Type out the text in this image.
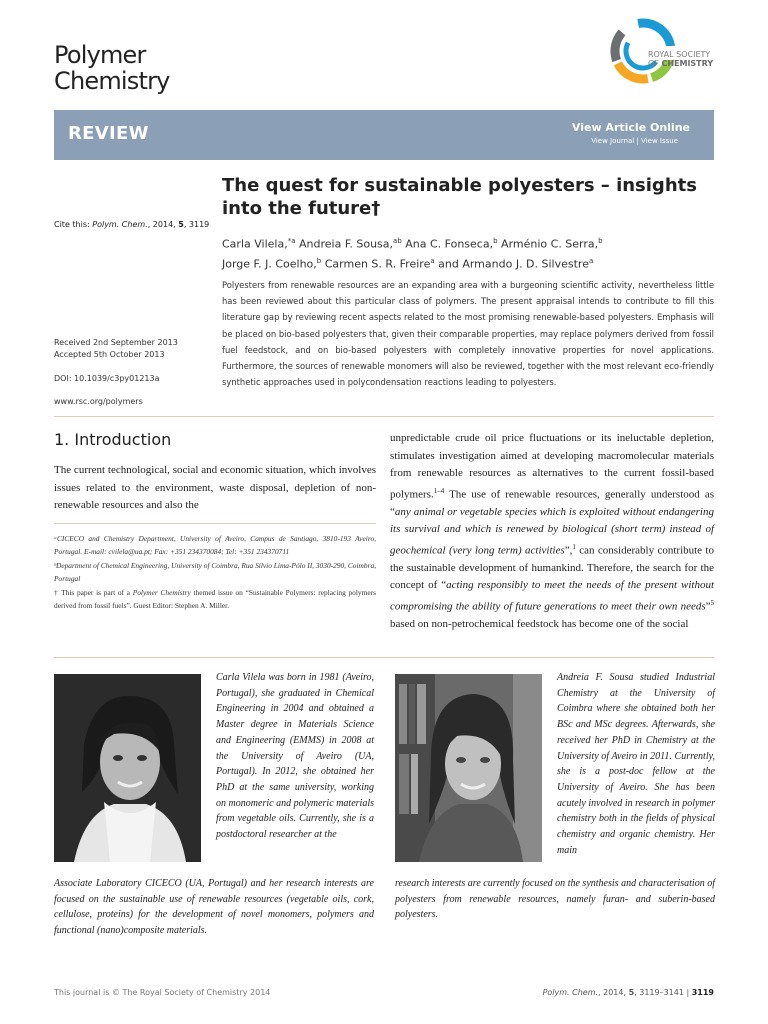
Polymer
Chemistry
ROYAL SOCIETY
OF CHEMISTRY
REVIEW	View Article Online
View Journal | View Issue
The quest for sustainable polyesters – insights into the future†
Carla Vilela,$^{*a}$ Andreia F. Sousa,$^{ab}$ Ana C. Fonseca,$^b$ Arménio C. Serra,$^b$
Jorge F. J. Coelho,$^b$ Carmen S. R. Freire$^a$ and Armando J. D. Silvestre$^a$
Cite this: Polym. Chem., 2014, 5, 3119
Received 2nd September 2013
Accepted 5th October 2013
DOI: 10.1039/c3py01213a
www.rsc.org/polymers
Polyesters from renewable resources are an expanding area with a burgeoning scientific activity, nevertheless little has been reviewed about this particular class of polymers. The present appraisal intends to contribute to fill this literature gap by reviewing recent aspects related to the most promising renewable-based polyesters. Emphasis will be placed on bio-based polyesters that, given their comparable properties, may replace polymers derived from fossil fuel feedstock, and on bio-based polyesters with completely innovative properties for novel applications. Furthermore, the sources of renewable monomers will also be reviewed, together with the most relevant eco-friendly synthetic approaches used in polycondensation reactions leading to polyesters.
1. Introduction
The current technological, social and economic situation, which involves issues related to the environment, waste disposal, depletion of non-renewable resources and also the
unpredictable crude oil price fluctuations or its ineluctable depletion, stimulates investigation aimed at developing macromolecular materials from renewable resources as alternatives to the current fossil-based polymers.$^{1-4}$ The use of renewable resources, generally understood as “any animal or vegetable species which is exploited without endangering its survival and which is renewed by biological (short term) instead of geochemical (very long term) activities”,$^1$ can considerably contribute to the sustainable development of humankind. Therefore, the search for the concept of “acting responsibly to meet the needs of the present without compromising the ability of future generations to meet their own needs”$^5$ based on non-petrochemical feedstock has become one of the social
ᵃCICECO and Chemistry Department, University of Aveiro, Campus de Santiago, 3810-193 Aveiro, Portugal. E-mail: cvilela@ua.pt; Fax: +351 234370084; Tel: +351 234370711
ᵇDepartment of Chemical Engineering, University of Coimbra, Rua Sílvio Lima-Pólo II, 3030-290, Coimbra, Portugal
† This paper is part of a Polymer Chemistry themed issue on “Sustainable Polymers: replacing polymers derived from fossil fuels”. Guest Editor: Stephen A. Miller.
Carla Vilela was born in 1981 (Aveiro, Portugal), she graduated in Chemical Engineering in 2004 and obtained a Master degree in Materials Science and Engineering (EMMS) in 2008 at the University of Aveiro (UA, Portugal). In 2012, she obtained her PhD at the same university, working on monomeric and polymeric materials from vegetable oils. Currently, she is a postdoctoral researcher at the
Associate Laboratory CICECO (UA, Portugal) and her research interests are focused on the sustainable use of renewable resources (vegetable oils, cork, cellulose, proteins) for the development of novel monomers, polymers and functional (nano)composite materials.
Andreia F. Sousa studied Industrial Chemistry at the University of Coimbra where she obtained both her BSc and MSc degrees. Afterwards, she received her PhD in Chemistry at the University of Aveiro in 2011. Currently, she is a post-doc fellow at the University of Aveiro. She has been acutely involved in research in polymer chemistry both in the fields of physical chemistry and organic chemistry. Her main
research interests are currently focused on the synthesis and characterisation of polyesters from renewable resources, namely furan- and suberin-based polyesters.
This journal is © The Royal Society of Chemistry 2014	Polym. Chem., 2014, 5, 3119–3141 | 3119
